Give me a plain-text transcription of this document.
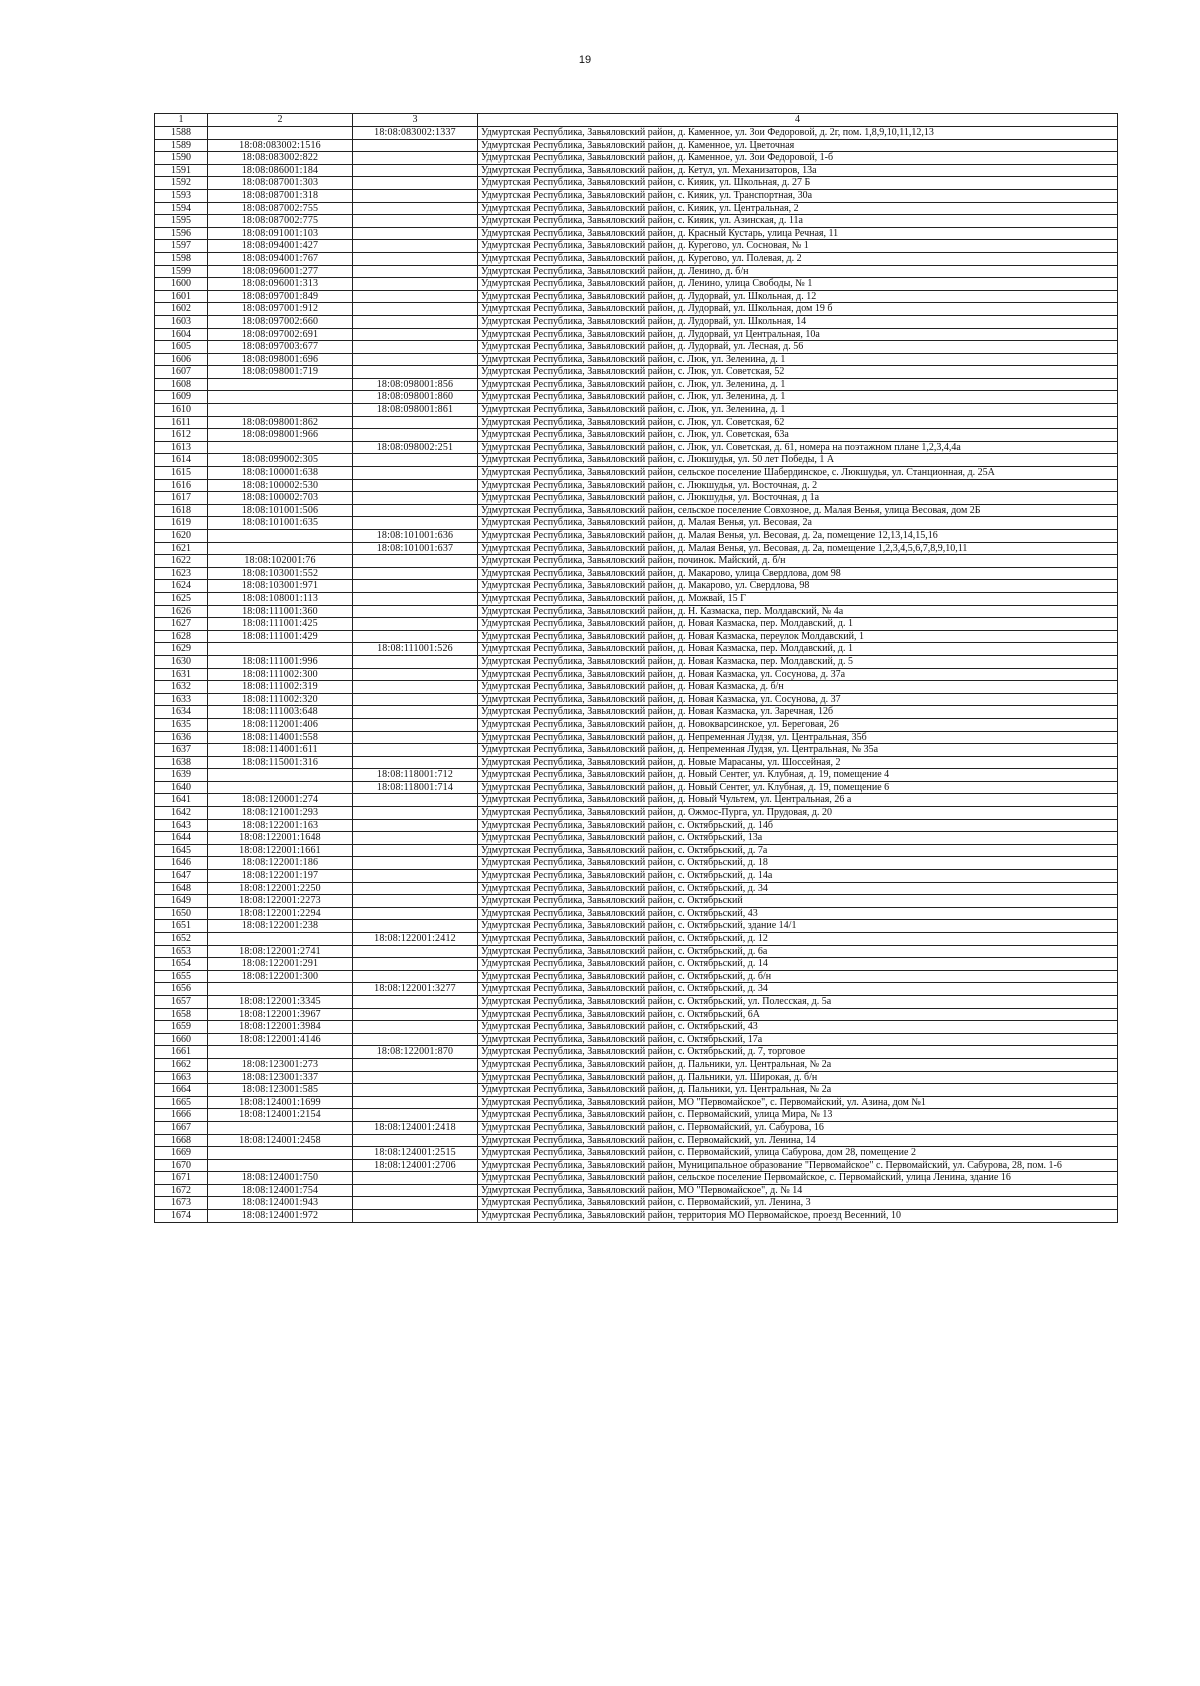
19
1	2	3	4
1588		18:08:083002:1337	Удмуртская Республика, Завьяловский район, д. Каменное, ул. Зои Федоровой, д. 2г, пом. 1,8,9,10,11,12,13
1589	18:08:083002:1516		Удмуртская Республика, Завьяловский район, д. Каменное, ул. Цветочная
1590	18:08:083002:822		Удмуртская Республика, Завьяловский район, д. Каменное, ул. Зои Федоровой, 1-б
1591	18:08:086001:184		Удмуртская Республика, Завьяловский район, д. Кетул, ул. Механизаторов, 13а
1592	18:08:087001:303		Удмуртская Республика, Завьяловский район, с. Кияик, ул. Школьная, д. 27 Б
1593	18:08:087001:318		Удмуртская Республика, Завьяловский район, с. Кияик, ул. Транспортная, 30а
1594	18:08:087002:755		Удмуртская Республика, Завьяловский район, с. Кияик, ул. Центральная, 2
1595	18:08:087002:775		Удмуртская Республика, Завьяловский район, с. Кияик, ул. Азинская, д. 11а
1596	18:08:091001:103		Удмуртская Республика, Завьяловский район, д. Красный Кустарь, улица Речная, 11
1597	18:08:094001:427		Удмуртская Республика, Завьяловский район, д. Курегово, ул. Сосновая, № 1
1598	18:08:094001:767		Удмуртская Республика, Завьяловский район, д. Курегово, ул. Полевая, д. 2
1599	18:08:096001:277		Удмуртская Республика, Завьяловский район, д. Ленино, д. б/н
1600	18:08:096001:313		Удмуртская Республика, Завьяловский район, д. Ленино, улица Свободы, № 1
1601	18:08:097001:849		Удмуртская Республика, Завьяловский район, д. Лудорвай, ул. Школьная, д. 12
1602	18:08:097001:912		Удмуртская Республика, Завьяловский район, д. Лудорвай, ул. Школьная, дом 19 б
1603	18:08:097002:660		Удмуртская Республика, Завьяловский район, д. Лудорвай, ул. Школьная, 14
1604	18:08:097002:691		Удмуртская Республика, Завьяловский район, д. Лудорвай, ул Центральная, 10а
1605	18:08:097003:677		Удмуртская Республика, Завьяловский район, д. Лудорвай, ул. Лесная, д. 56
1606	18:08:098001:696		Удмуртская Республика, Завьяловский район, с. Люк, ул. Зеленина, д. 1
1607	18:08:098001:719		Удмуртская Республика, Завьяловский район, с. Люк, ул. Советская, 52
1608		18:08:098001:856	Удмуртская Республика, Завьяловский район, с. Люк, ул. Зеленина, д. 1
1609		18:08:098001:860	Удмуртская Республика, Завьяловский район, с. Люк, ул. Зеленина, д. 1
1610		18:08:098001:861	Удмуртская Республика, Завьяловский район, с. Люк, ул. Зеленина, д. 1
1611	18:08:098001:862		Удмуртская Республика, Завьяловский район, с. Люк, ул. Советская, 62
1612	18:08:098001:966		Удмуртская Республика, Завьяловский район, с. Люк, ул. Советская, 63а
1613		18:08:098002:251	Удмуртская Республика, Завьяловский район, с. Люк, ул. Советская, д. 61, номера на поэтажном плане 1,2,3,4,4а
1614	18:08:099002:305		Удмуртская Республика, Завьяловский район, с. Люкшудья, ул. 50 лет Победы, 1 А
1615	18:08:100001:638		Удмуртская Республика, Завьяловский район, сельское поселение Шабердинское, с. Люкшудья, ул. Станционная, д. 25А
1616	18:08:100002:530		Удмуртская Республика, Завьяловский район, с. Люкшудья, ул. Восточная, д. 2
1617	18:08:100002:703		Удмуртская Республика, Завьяловский район, с. Люкшудья, ул. Восточная, д 1а
1618	18:08:101001:506		Удмуртская Республика, Завьяловский район, сельское поселение Совхозное, д. Малая Венья, улица Весовая, дом 2Б
1619	18:08:101001:635		Удмуртская Республика, Завьяловский район, д. Малая Венья, ул. Весовая, 2а
1620		18:08:101001:636	Удмуртская Республика, Завьяловский район, д. Малая Венья, ул. Весовая, д. 2а, помещение 12,13,14,15,16
1621		18:08:101001:637	Удмуртская Республика, Завьяловский район, д. Малая Венья, ул. Весовая, д. 2а, помещение 1,2,3,4,5,6,7,8,9,10,11
1622	18:08:102001:76		Удмуртская Республика, Завьяловский район, починок. Майский, д. б/н
1623	18:08:103001:552		Удмуртская Республика, Завьяловский район, д. Макарово, улица Свердлова, дом 98
1624	18:08:103001:971		Удмуртская Республика, Завьяловский район, д. Макарово, ул. Свердлова, 98
1625	18:08:108001:113		Удмуртская Республика, Завьяловский район, д. Можвай, 15 Г
1626	18:08:111001:360		Удмуртская Республика, Завьяловский район, д. Н. Казмаска, пер. Молдавский, № 4а
1627	18:08:111001:425		Удмуртская Республика, Завьяловский район, д. Новая Казмаска, пер. Молдавский, д. 1
1628	18:08:111001:429		Удмуртская Республика, Завьяловский район, д. Новая Казмаска, переулок Молдавский, 1
1629		18:08:111001:526	Удмуртская Республика, Завьяловский район, д. Новая Казмаска, пер. Молдавский, д. 1
1630	18:08:111001:996		Удмуртская Республика, Завьяловский район, д. Новая Казмаска, пер. Молдавский, д. 5
1631	18:08:111002:300		Удмуртская Республика, Завьяловский район, д. Новая Казмаска, ул. Сосунова, д. 37а
1632	18:08:111002:319		Удмуртская Республика, Завьяловский район, д. Новая Казмаска, д. б/н
1633	18:08:111002:320		Удмуртская Республика, Завьяловский район, д. Новая Казмаска, ул. Сосунова, д. 37
1634	18:08:111003:648		Удмуртская Республика, Завьяловский район, д. Новая Казмаска, ул. Заречная, 12б
1635	18:08:112001:406		Удмуртская Республика, Завьяловский район, д. Новокварсинское, ул. Береговая, 26
1636	18:08:114001:558		Удмуртская Республика, Завьяловский район, д. Непременная Лудзя, ул. Центральная, 35б
1637	18:08:114001:611		Удмуртская Республика, Завьяловский район, д. Непременная Лудзя, ул. Центральная, № 35а
1638	18:08:115001:316		Удмуртская Республика, Завьяловский район, д. Новые Марасаны, ул. Шоссейная, 2
1639		18:08:118001:712	Удмуртская Республика, Завьяловский район, д. Новый Сентег, ул. Клубная, д. 19, помещение 4
1640		18:08:118001:714	Удмуртская Республика, Завьяловский район, д. Новый Сентег, ул. Клубная, д. 19, помещение 6
1641	18:08:120001:274		Удмуртская Республика, Завьяловский район, д. Новый Чультем, ул. Центральная, 26 а
1642	18:08:121001:293		Удмуртская Республика, Завьяловский район, д. Ожмос-Пурга, ул. Прудовая, д. 20
1643	18:08:122001:163		Удмуртская Республика, Завьяловский район, с. Октябрьский, д. 14б
1644	18:08:122001:1648		Удмуртская Республика, Завьяловский район, с. Октябрьский, 13а
1645	18:08:122001:1661		Удмуртская Республика, Завьяловский район, с. Октябрьский, д. 7а
1646	18:08:122001:186		Удмуртская Республика, Завьяловский район, с. Октябрьский, д. 18
1647	18:08:122001:197		Удмуртская Республика, Завьяловский район, с. Октябрьский, д. 14а
1648	18:08:122001:2250		Удмуртская Республика, Завьяловский район, с. Октябрьский, д. 34
1649	18:08:122001:2273		Удмуртская Республика, Завьяловский район, с. Октябрьский
1650	18:08:122001:2294		Удмуртская Республика, Завьяловский район, с. Октябрьский, 43
1651	18:08:122001:238		Удмуртская Республика, Завьяловский район, с. Октябрьский, здание 14/1
1652		18:08:122001:2412	Удмуртская Республика, Завьяловский район, с. Октябрьский, д. 12
1653	18:08:122001:2741		Удмуртская Республика, Завьяловский район, с. Октябрьский, д. 6а
1654	18:08:122001:291		Удмуртская Республика, Завьяловский район, с. Октябрьский, д. 14
1655	18:08:122001:300		Удмуртская Республика, Завьяловский район, с. Октябрьский, д. б/н
1656		18:08:122001:3277	Удмуртская Республика, Завьяловский район, с. Октябрьский, д. 34
1657	18:08:122001:3345		Удмуртская Республика, Завьяловский район, с. Октябрьский, ул. Полесская, д. 5а
1658	18:08:122001:3967		Удмуртская Республика, Завьяловский район, с. Октябрьский, 6А
1659	18:08:122001:3984		Удмуртская Республика, Завьяловский район, с. Октябрьский, 43
1660	18:08:122001:4146		Удмуртская Республика, Завьяловский район, с. Октябрьский, 17а
1661		18:08:122001:870	Удмуртская Республика, Завьяловский район, с. Октябрьский, д. 7, торговое
1662	18:08:123001:273		Удмуртская Республика, Завьяловский район, д. Пальники, ул. Центральная, № 2а
1663	18:08:123001:337		Удмуртская Республика, Завьяловский район, д. Пальники, ул. Широкая, д. б/н
1664	18:08:123001:585		Удмуртская Республика, Завьяловский район, д. Пальники, ул. Центральная, № 2а
1665	18:08:124001:1699		Удмуртская Республика, Завьяловский район, МО "Первомайское", с. Первомайский, ул. Азина, дом №1
1666	18:08:124001:2154		Удмуртская Республика, Завьяловский район, с. Первомайский, улица Мира, № 13
1667		18:08:124001:2418	Удмуртская Республика, Завьяловский район, с. Первомайский, ул. Сабурова, 16
1668	18:08:124001:2458		Удмуртская Республика, Завьяловский район, с. Первомайский, ул. Ленина, 14
1669		18:08:124001:2515	Удмуртская Республика, Завьяловский район, с. Первомайский, улица Сабурова, дом 28, помещение 2
1670		18:08:124001:2706	Удмуртская Республика, Завьяловский район, Муниципальное образование "Первомайское" с. Первомайский, ул. Сабурова, 28, пом. 1-6
1671	18:08:124001:750		Удмуртская Республика, Завьяловский район, сельское поселение Первомайское, с. Первомайский, улица Ленина, здание 16
1672	18:08:124001:754		Удмуртская Республика, Завьяловский район, МО "Первомайское", д. № 14
1673	18:08:124001:943		Удмуртская Республика, Завьяловский район, с. Первомайский, ул. Ленина, 3
1674	18:08:124001:972		Удмуртская Республика, Завьяловский район, территория МО Первомайское, проезд Весенний, 10
